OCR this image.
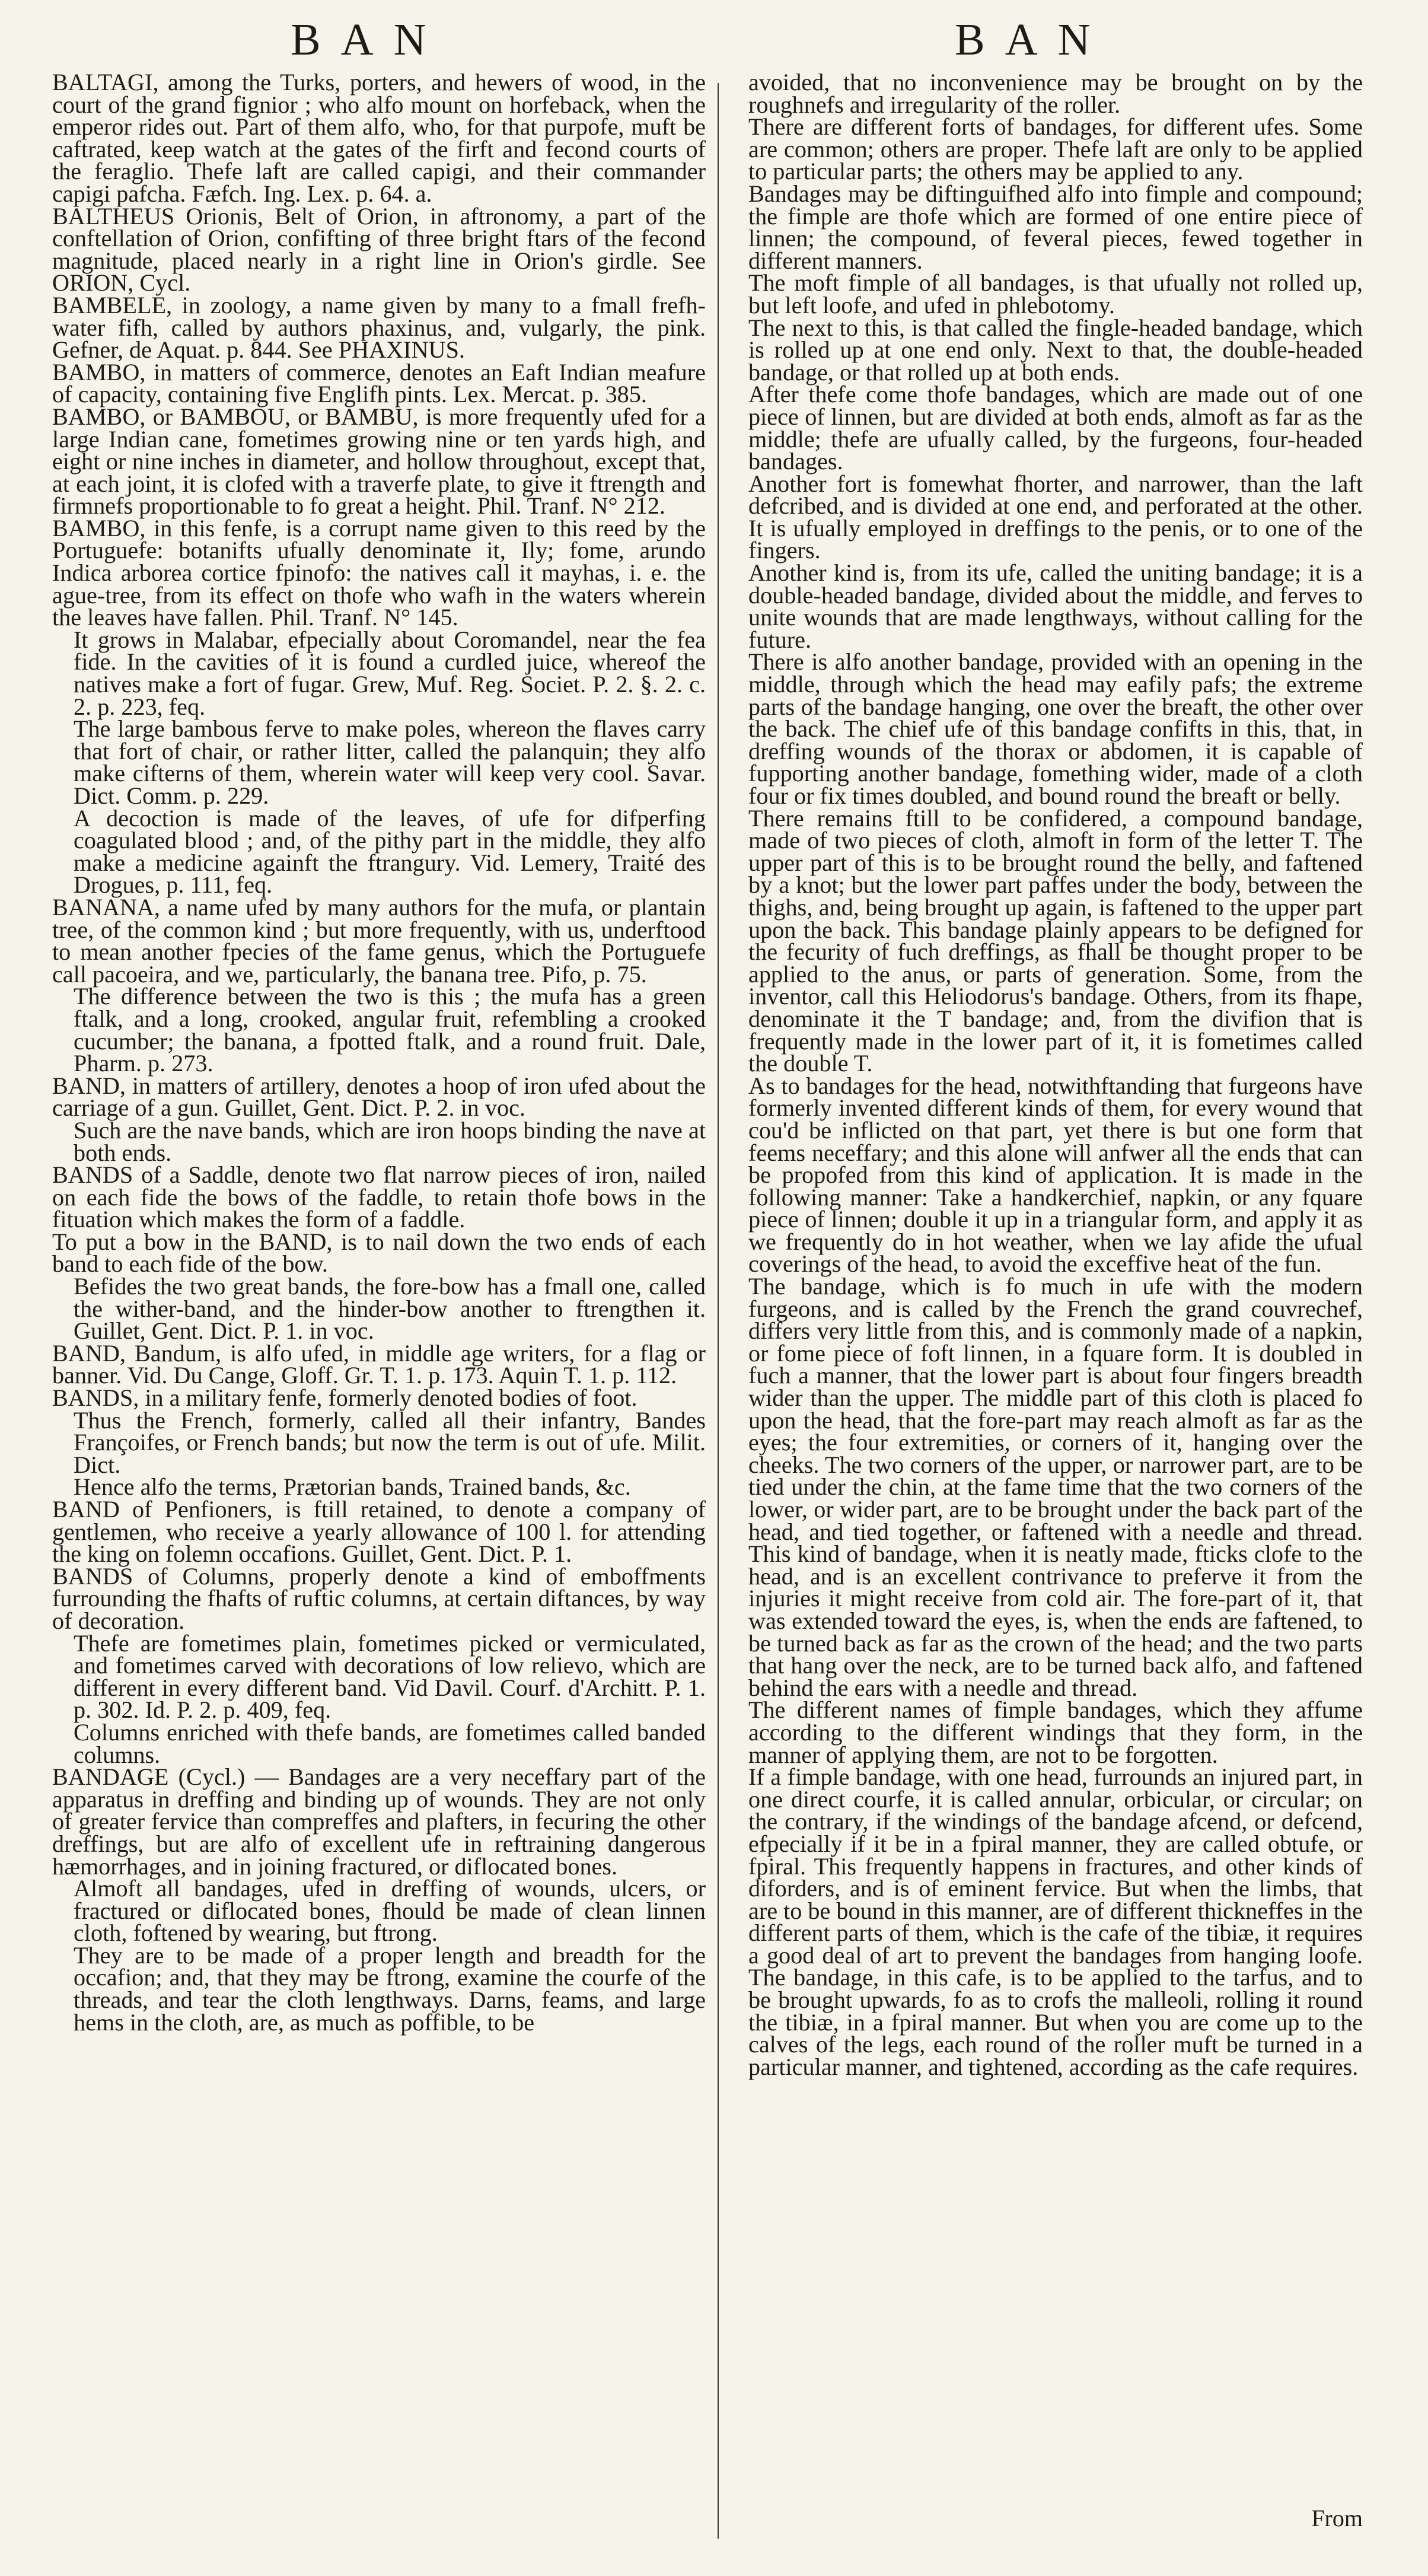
BAN	BAN

BALTAGI, among the Turks, porters, and hewers of wood, in the court of the grand fignior ; who alfo mount on horfeback, when the emperor rides out. Part of them alfo, who, for that purpofe, muft be caftrated, keep watch at the gates of the firft and fecond courts of the feraglio. Thefe laft are called capigi, and their commander capigi pafcha. Fæfch. Ing. Lex. p. 64. a.

BALTHEUS Orionis, Belt of Orion, in aftronomy, a part of the conftellation of Orion, confifting of three bright ftars of the fecond magnitude, placed nearly in a right line in Orion's girdle. See ORION, Cycl.

BAMBELE, in zoology, a name given by many to a fmall frefh-water fifh, called by authors phaxinus, and, vulgarly, the pink. Gefner, de Aquat. p. 844. See PHAXINUS.

BAMBO, in matters of commerce, denotes an Eaft Indian meafure of capacity, containing five Englifh pints. Lex. Mercat. p. 385.

BAMBO, or BAMBOU, or BAMBU, is more frequently ufed for a large Indian cane, fometimes growing nine or ten yards high, and eight or nine inches in diameter, and hollow throughout, except that, at each joint, it is clofed with a traverfe plate, to give it ftrength and firmnefs proportionable to fo great a height. Phil. Tranf. N° 212.

BAMBO, in this fenfe, is a corrupt name given to this reed by the Portuguefe: botanifts ufually denominate it, Ily; fome, arundo Indica arborea cortice fpinofo: the natives call it mayhas, i. e. the ague-tree, from its effect on thofe who wafh in the waters wherein the leaves have fallen. Phil. Tranf. N° 145.

It grows in Malabar, efpecially about Coromandel, near the fea fide. In the cavities of it is found a curdled juice, whereof the natives make a fort of fugar. Grew, Muf. Reg. Societ. P. 2. §. 2. c. 2. p. 223, feq.

The large bambous ferve to make poles, whereon the flaves carry that fort of chair, or rather litter, called the palanquin; they alfo make cifterns of them, wherein water will keep very cool. Savar. Dict. Comm. p. 229.

A decoction is made of the leaves, of ufe for difperfing coagulated blood ; and, of the pithy part in the middle, they alfo make a medicine againft the ftrangury. Vid. Lemery, Traité des Drogues, p. 111, feq.

BANANA, a name ufed by many authors for the mufa, or plantain tree, of the common kind ; but more frequently, with us, underftood to mean another fpecies of the fame genus, which the Portuguefe call pacoeira, and we, particularly, the banana tree. Pifo, p. 75.

The difference between the two is this ; the mufa has a green ftalk, and a long, crooked, angular fruit, refembling a crooked cucumber; the banana, a fpotted ftalk, and a round fruit. Dale, Pharm. p. 273.

BAND, in matters of artillery, denotes a hoop of iron ufed about the carriage of a gun. Guillet, Gent. Dict. P. 2. in voc.

Such are the nave bands, which are iron hoops binding the nave at both ends.

BANDS of a Saddle, denote two flat narrow pieces of iron, nailed on each fide the bows of the faddle, to retain thofe bows in the fituation which makes the form of a faddle.

To put a bow in the BAND, is to nail down the two ends of each band to each fide of the bow.

Befides the two great bands, the fore-bow has a fmall one, called the wither-band, and the hinder-bow another to ftrengthen it. Guillet, Gent. Dict. P. 1. in voc.

BAND, Bandum, is alfo ufed, in middle age writers, for a flag or banner. Vid. Du Cange, Gloff. Gr. T. 1. p. 173. Aquin T. 1. p. 112.

BANDS, in a military fenfe, formerly denoted bodies of foot.

Thus the French, formerly, called all their infantry, Bandes Françoifes, or French bands; but now the term is out of ufe. Milit. Dict.

Hence alfo the terms, Prætorian bands, Trained bands, &c.

BAND of Penfioners, is ftill retained, to denote a company of gentlemen, who receive a yearly allowance of 100 l. for attending the king on folemn occafions. Guillet, Gent. Dict. P. 1.

BANDS of Columns, properly denote a kind of emboffments furrounding the fhafts of ruftic columns, at certain diftances, by way of decoration.

Thefe are fometimes plain, fometimes picked or vermiculated, and fometimes carved with decorations of low relievo, which are different in every different band. Vid Davil. Courf. d'Architt. P. 1. p. 302. Id. P. 2. p. 409, feq.

Columns enriched with thefe bands, are fometimes called banded columns.

BANDAGE (Cycl.) — Bandages are a very neceffary part of the apparatus in dreffing and binding up of wounds. They are not only of greater fervice than compreffes and plafters, in fecuring the other dreffings, but are alfo of excellent ufe in reftraining dangerous hæmorrhages, and in joining fractured, or diflocated bones.

Almoft all bandages, ufed in dreffing of wounds, ulcers, or fractured or diflocated bones, fhould be made of clean linnen cloth, foftened by wearing, but ftrong.

They are to be made of a proper length and breadth for the occafion; and, that they may be ftrong, examine the courfe of the threads, and tear the cloth lengthways. Darns, feams, and large hems in the cloth, are, as much as poffible, to be

avoided, that no inconvenience may be brought on by the roughnefs and irregularity of the roller.

There are different forts of bandages, for different ufes. Some are common; others are proper. Thefe laft are only to be applied to particular parts; the others may be applied to any.

Bandages may be diftinguifhed alfo into fimple and compound; the fimple are thofe which are formed of one entire piece of linnen; the compound, of feveral pieces, fewed together in different manners.

The moft fimple of all bandages, is that ufually not rolled up, but left loofe, and ufed in phlebotomy.

The next to this, is that called the fingle-headed bandage, which is rolled up at one end only. Next to that, the double-headed bandage, or that rolled up at both ends.

After thefe come thofe bandages, which are made out of one piece of linnen, but are divided at both ends, almoft as far as the middle; thefe are ufually called, by the furgeons, four-headed bandages.

Another fort is fomewhat fhorter, and narrower, than the laft defcribed, and is divided at one end, and perforated at the other. It is ufually employed in dreffings to the penis, or to one of the fingers.

Another kind is, from its ufe, called the uniting bandage; it is a double-headed bandage, divided about the middle, and ferves to unite wounds that are made lengthways, without calling for the future.

There is alfo another bandage, provided with an opening in the middle, through which the head may eafily pafs; the extreme parts of the bandage hanging, one over the breaft, the other over the back. The chief ufe of this bandage confifts in this, that, in dreffing wounds of the thorax or abdomen, it is capable of fupporting another bandage, fomething wider, made of a cloth four or fix times doubled, and bound round the breaft or belly.

There remains ftill to be confidered, a compound bandage, made of two pieces of cloth, almoft in form of the letter T. The upper part of this is to be brought round the belly, and faftened by a knot; but the lower part paffes under the body, between the thighs, and, being brought up again, is faftened to the upper part upon the back. This bandage plainly appears to be defigned for the fecurity of fuch dreffings, as fhall be thought proper to be applied to the anus, or parts of generation. Some, from the inventor, call this Heliodorus's bandage. Others, from its fhape, denominate it the T bandage; and, from the divifion that is frequently made in the lower part of it, it is fometimes called the double T.

As to bandages for the head, notwithftanding that furgeons have formerly invented different kinds of them, for every wound that cou'd be inflicted on that part, yet there is but one form that feems neceffary; and this alone will anfwer all the ends that can be propofed from this kind of application. It is made in the following manner: Take a handkerchief, napkin, or any fquare piece of linnen; double it up in a triangular form, and apply it as we frequently do in hot weather, when we lay afide the ufual coverings of the head, to avoid the exceffive heat of the fun.

The bandage, which is fo much in ufe with the modern furgeons, and is called by the French the grand couvrechef, differs very little from this, and is commonly made of a napkin, or fome piece of foft linnen, in a fquare form. It is doubled in fuch a manner, that the lower part is about four fingers breadth wider than the upper. The middle part of this cloth is placed fo upon the head, that the fore-part may reach almoft as far as the eyes; the four extremities, or corners of it, hanging over the cheeks. The two corners of the upper, or narrower part, are to be tied under the chin, at the fame time that the two corners of the lower, or wider part, are to be brought under the back part of the head, and tied together, or faftened with a needle and thread. This kind of bandage, when it is neatly made, fticks clofe to the head, and is an excellent contrivance to preferve it from the injuries it might receive from cold air. The fore-part of it, that was extended toward the eyes, is, when the ends are faftened, to be turned back as far as the crown of the head; and the two parts that hang over the neck, are to be turned back alfo, and faftened behind the ears with a needle and thread.

The different names of fimple bandages, which they affume according to the different windings that they form, in the manner of applying them, are not to be forgotten.

If a fimple bandage, with one head, furrounds an injured part, in one direct courfe, it is called annular, orbicular, or circular; on the contrary, if the windings of the bandage afcend, or defcend, efpecially if it be in a fpiral manner, they are called obtufe, or fpiral. This frequently happens in fractures, and other kinds of diforders, and is of eminent fervice. But when the limbs, that are to be bound in this manner, are of different thickneffes in the different parts of them, which is the cafe of the tibiæ, it requires a good deal of art to prevent the bandages from hanging loofe. The bandage, in this cafe, is to be applied to the tarfus, and to be brought upwards, fo as to crofs the malleoli, rolling it round the tibiæ, in a fpiral manner. But when you are come up to the calves of the legs, each round of the roller muft be turned in a particular manner, and tightened, according as the cafe requires.

From
